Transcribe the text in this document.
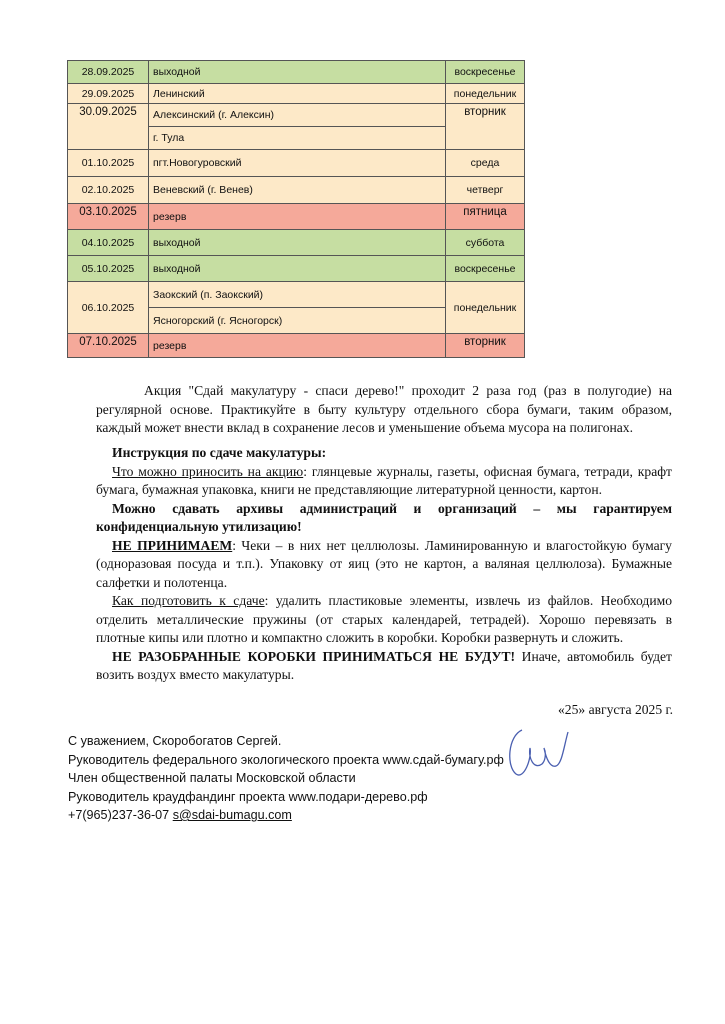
28.09.2025	выходной	воскресенье
29.09.2025	Ленинский	понедельник
30.09.2025	Алексинский (г. Алексин)	вторник
	г. Тула	
01.10.2025	пгт.Новогуровский	среда
02.10.2025	Веневский (г. Венев)	четверг
03.10.2025	резерв	пятница
04.10.2025	выходной	суббота
05.10.2025	выходной	воскресенье
06.10.2025	Заокский (п. Заокский)	понедельник
	Ясногорский (г. Ясногорск)	
07.10.2025	резерв	вторник

Акция "Сдай макулатуру - спаси дерево!" проходит 2 раза год (раз в полугодие) на регулярной основе. Практикуйте в быту культуру отдельного сбора бумаги, таким образом, каждый может внести вклад в сохранение лесов и уменьшение объема мусора на полигонах.

Инструкция по сдаче макулатуры:

Что можно приносить на акцию: глянцевые журналы, газеты, офисная бумага, тетради, крафт бумага, бумажная упаковка, книги не представляющие литературной ценности, картон.

Можно сдавать архивы администраций и организаций – мы гарантируем конфиденциальную утилизацию!

НЕ ПРИНИМАЕМ: Чеки – в них нет целлюлозы. Ламинированную и влагостойкую бумагу (одноразовая посуда и т.п.). Упаковку от яиц (это не картон, а валяная целлюлоза). Бумажные салфетки и полотенца.

Как подготовить к сдаче: удалить пластиковые элементы, извлечь из файлов. Необходимо отделить металлические пружины (от старых календарей, тетрадей). Хорошо перевязать в плотные кипы или плотно и компактно сложить в коробки. Коробки развернуть и сложить.

НЕ РАЗОБРАННЫЕ КОРОБКИ ПРИНИМАТЬСЯ НЕ БУДУТ! Иначе, автомобиль будет возить воздух вместо макулатуры.

«25» августа 2025 г.
С уважением, Скоробогатов Сергей.
Руководитель федерального экологического проекта www.сдай-бумагу.рф
Член общественной палаты Московской области
Руководитель краудфандинг проекта www.подари-дерево.рф
+7(965)237-36-07 s@sdai-bumagu.com
